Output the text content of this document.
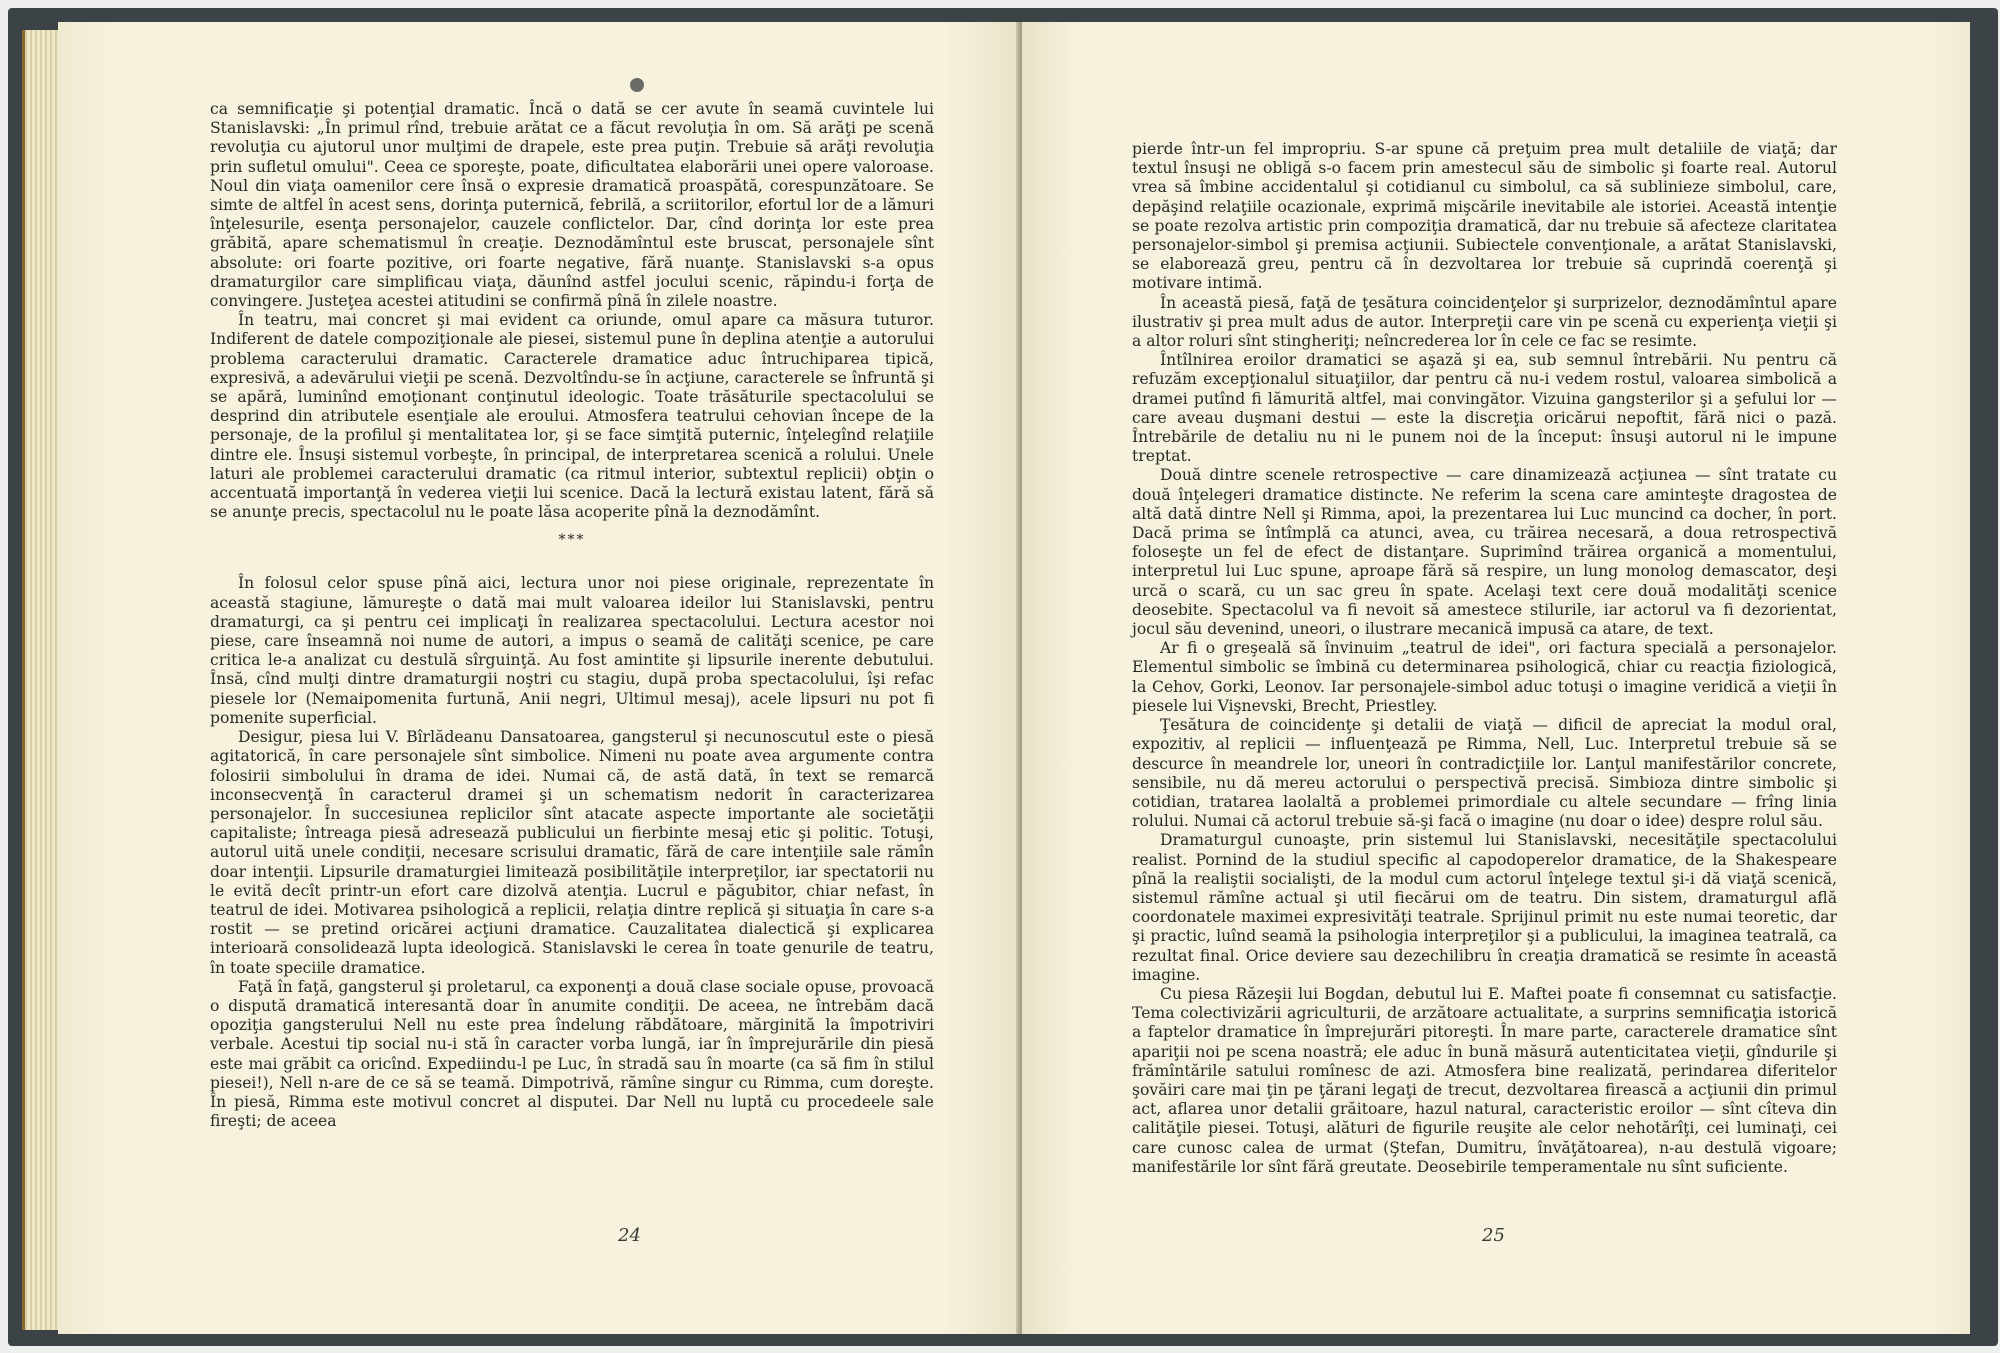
ca semnificaţie şi potenţial dramatic. Încă o dată se cer avute în seamă cuvintele lui Stanislavski: „În primul rînd, trebuie arătat ce a făcut revoluţia în om. Să arăţi pe scenă revoluţia cu ajutorul unor mulţimi de drapele, este prea puţin. Trebuie să arăţi revoluţia prin sufletul omului". Ceea ce sporeşte, poate, dificultatea elaborării unei opere valoroase. Noul din viaţa oamenilor cere însă o expresie dramatică proaspătă, corespunzătoare. Se simte de altfel în acest sens, dorinţa puternică, febrilă, a scriitorilor, efortul lor de a lămuri înţelesurile, esenţa personajelor, cauzele conflictelor. Dar, cînd dorinţa lor este prea grăbită, apare schematismul în creaţie. Deznodămîntul este bruscat, personajele sînt absolute: ori foarte pozitive, ori foarte negative, fără nuanţe. Stanislavski s-a opus dramaturgilor care simplificau viaţa, dăunînd astfel jocului scenic, răpindu-i forţa de convingere. Justeţea acestei atitudini se confirmă pînă în zilele noastre.

În teatru, mai concret şi mai evident ca oriunde, omul apare ca măsura tuturor. Indiferent de datele compoziţionale ale piesei, sistemul pune în deplina atenţie a autorului problema caracterului dramatic. Caracterele dramatice aduc întruchiparea tipică, expresivă, a adevărului vieţii pe scenă. Dezvoltîndu-se în acţiune, caracterele se înfruntă şi se apără, luminînd emoţionant conţinutul ideologic. Toate trăsăturile spectacolului se desprind din atributele esenţiale ale eroului. Atmosfera teatrului cehovian începe de la personaje, de la profilul şi mentalitatea lor, şi se face simţită puternic, înţelegînd relaţiile dintre ele. Însuşi sistemul vorbeşte, în principal, de interpretarea scenică a rolului. Unele laturi ale problemei caracterului dramatic (ca ritmul interior, subtextul replicii) obţin o accentuată importanţă în vederea vieţii lui scenice. Dacă la lectură existau latent, fără să se anunţe precis, spectacolul nu le poate lăsa acoperite pînă la deznodămînt.

***

În folosul celor spuse pînă aici, lectura unor noi piese originale, reprezentate în această stagiune, lămureşte o dată mai mult valoarea ideilor lui Stanislavski, pentru dramaturgi, ca şi pentru cei implicaţi în realizarea spectacolului. Lectura acestor noi piese, care înseamnă noi nume de autori, a impus o seamă de calităţi scenice, pe care critica le-a analizat cu destulă sîrguinţă. Au fost amintite şi lipsurile inerente debutului. Însă, cînd mulţi dintre dramaturgii noştri cu stagiu, după proba spectacolului, îşi refac piesele lor (Nemaipomenita furtună, Anii negri, Ultimul mesaj), acele lipsuri nu pot fi pomenite superficial.

Desigur, piesa lui V. Bîrlădeanu Dansatoarea, gangsterul şi necunoscutul este o piesă agitatorică, în care personajele sînt simbolice. Nimeni nu poate avea argumente contra folosirii simbolului în drama de idei. Numai că, de astă dată, în text se remarcă inconsecvenţă în caracterul dramei şi un schematism nedorit în caracterizarea personajelor. În succesiunea replicilor sînt atacate aspecte importante ale societăţii capitaliste; întreaga piesă adresează publicului un fierbinte mesaj etic şi politic. Totuşi, autorul uită unele condiţii, necesare scrisului dramatic, fără de care intenţiile sale rămîn doar intenţii. Lipsurile dramaturgiei limitează posibilităţile interpreţilor, iar spectatorii nu le evită decît printr-un efort care dizolvă atenţia. Lucrul e păgubitor, chiar nefast, în teatrul de idei. Motivarea psihologică a replicii, relaţia dintre replică şi situaţia în care s-a rostit — se pretind oricărei acţiuni dramatice. Cauzalitatea dialectică şi explicarea interioară consolidează lupta ideologică. Stanislavski le cerea în toate genurile de teatru, în toate speciile dramatice.

Faţă în faţă, gangsterul şi proletarul, ca exponenţi a două clase sociale opuse, provoacă o dispută dramatică interesantă doar în anumite condiţii. De aceea, ne întrebăm dacă opoziţia gangsterului Nell nu este prea îndelung răbdătoare, mărginită la împotriviri verbale. Acestui tip social nu-i stă în caracter vorba lungă, iar în împrejurările din piesă este mai grăbit ca oricînd. Expediindu-l pe Luc, în stradă sau în moarte (ca să fim în stilul piesei!), Nell n-are de ce să se teamă. Dimpotrivă, rămîne singur cu Rimma, cum doreşte. În piesă, Rimma este motivul concret al disputei. Dar Nell nu luptă cu procedeele sale fireşti; de aceea

24

pierde într-un fel impropriu. S-ar spune că preţuim prea mult detaliile de viaţă; dar textul însuşi ne obligă s-o facem prin amestecul său de simbolic şi foarte real. Autorul vrea să îmbine accidentalul şi cotidianul cu simbolul, ca să sublinieze simbolul, care, depăşind relaţiile ocazionale, exprimă mişcările inevitabile ale istoriei. Această intenţie se poate rezolva artistic prin compoziţia dramatică, dar nu trebuie să afecteze claritatea personajelor-simbol şi premisa acţiunii. Subiectele convenţionale, a arătat Stanislavski, se elaborează greu, pentru că în dezvoltarea lor trebuie să cuprindă coerenţă şi motivare intimă.

În această piesă, faţă de ţesătura coincidenţelor şi surprizelor, deznodămîntul apare ilustrativ şi prea mult adus de autor. Interpreţii care vin pe scenă cu experienţa vieţii şi a altor roluri sînt stingheriţi; neîncrederea lor în cele ce fac se resimte.

Întîlnirea eroilor dramatici se aşază şi ea, sub semnul întrebării. Nu pentru că refuzăm excepţionalul situaţiilor, dar pentru că nu-i vedem rostul, valoarea simbolică a dramei putînd fi lămurită altfel, mai convingător. Vizuina gangsterilor şi a şefului lor — care aveau duşmani destui — este la discreţia oricărui nepoftit, fără nici o pază. Întrebările de detaliu nu ni le punem noi de la început: însuşi autorul ni le impune treptat.

Două dintre scenele retrospective — care dinamizează acţiunea — sînt tratate cu două înţelegeri dramatice distincte. Ne referim la scena care aminteşte dragostea de altă dată dintre Nell şi Rimma, apoi, la prezentarea lui Luc muncind ca docher, în port. Dacă prima se întîmplă ca atunci, avea, cu trăirea necesară, a doua retrospectivă foloseşte un fel de efect de distanţare. Suprimînd trăirea organică a momentului, interpretul lui Luc spune, aproape fără să respire, un lung monolog demascator, deşi urcă o scară, cu un sac greu în spate. Acelaşi text cere două modalităţi scenice deosebite. Spectacolul va fi nevoit să amestece stilurile, iar actorul va fi dezorientat, jocul său devenind, uneori, o ilustrare mecanică impusă ca atare, de text.

Ar fi o greşeală să învinuim „teatrul de idei", ori factura specială a personajelor. Elementul simbolic se îmbină cu determinarea psihologică, chiar cu reacţia fiziologică, la Cehov, Gorki, Leonov. Iar personajele-simbol aduc totuşi o imagine veridică a vieţii în piesele lui Vişnevski, Brecht, Priestley.

Ţesătura de coincidenţe şi detalii de viaţă — dificil de apreciat la modul oral, expozitiv, al replicii — influenţează pe Rimma, Nell, Luc. Interpretul trebuie să se descurce în meandrele lor, uneori în contradicţiile lor. Lanţul manifestărilor concrete, sensibile, nu dă mereu actorului o perspectivă precisă. Simbioza dintre simbolic şi cotidian, tratarea laolaltă a problemei primordiale cu altele secundare — frîng linia rolului. Numai că actorul trebuie să-şi facă o imagine (nu doar o idee) despre rolul său.

Dramaturgul cunoaşte, prin sistemul lui Stanislavski, necesităţile spectacolului realist. Pornind de la studiul specific al capodoperelor dramatice, de la Shakespeare pînă la realiştii socialişti, de la modul cum actorul înţelege textul şi-i dă viaţă scenică, sistemul rămîne actual şi util fiecărui om de teatru. Din sistem, dramaturgul află coordonatele maximei expresivităţi teatrale. Sprijinul primit nu este numai teoretic, dar şi practic, luînd seamă la psihologia interpreţilor şi a publicului, la imaginea teatrală, ca rezultat final. Orice deviere sau dezechilibru în creaţia dramatică se resimte în această imagine.

Cu piesa Răzeşii lui Bogdan, debutul lui E. Maftei poate fi consemnat cu satisfacţie. Tema colectivizării agriculturii, de arzătoare actualitate, a surprins semnificaţia istorică a faptelor dramatice în împrejurări pitoreşti. În mare parte, caracterele dramatice sînt apariţii noi pe scena noastră; ele aduc în bună măsură autenticitatea vieţii, gîndurile şi frămîntările satului romînesc de azi. Atmosfera bine realizată, perindarea diferitelor şovăiri care mai ţin pe ţărani legaţi de trecut, dezvoltarea firească a acţiunii din primul act, aflarea unor detalii grăitoare, hazul natural, caracteristic eroilor — sînt cîteva din calităţile piesei. Totuşi, alături de figurile reuşite ale celor nehotărîţi, cei luminaţi, cei care cunosc calea de urmat (Ştefan, Dumitru, învăţătoarea), n-au destulă vigoare; manifestările lor sînt fără greutate. Deosebirile temperamentale nu sînt suficiente.

25
